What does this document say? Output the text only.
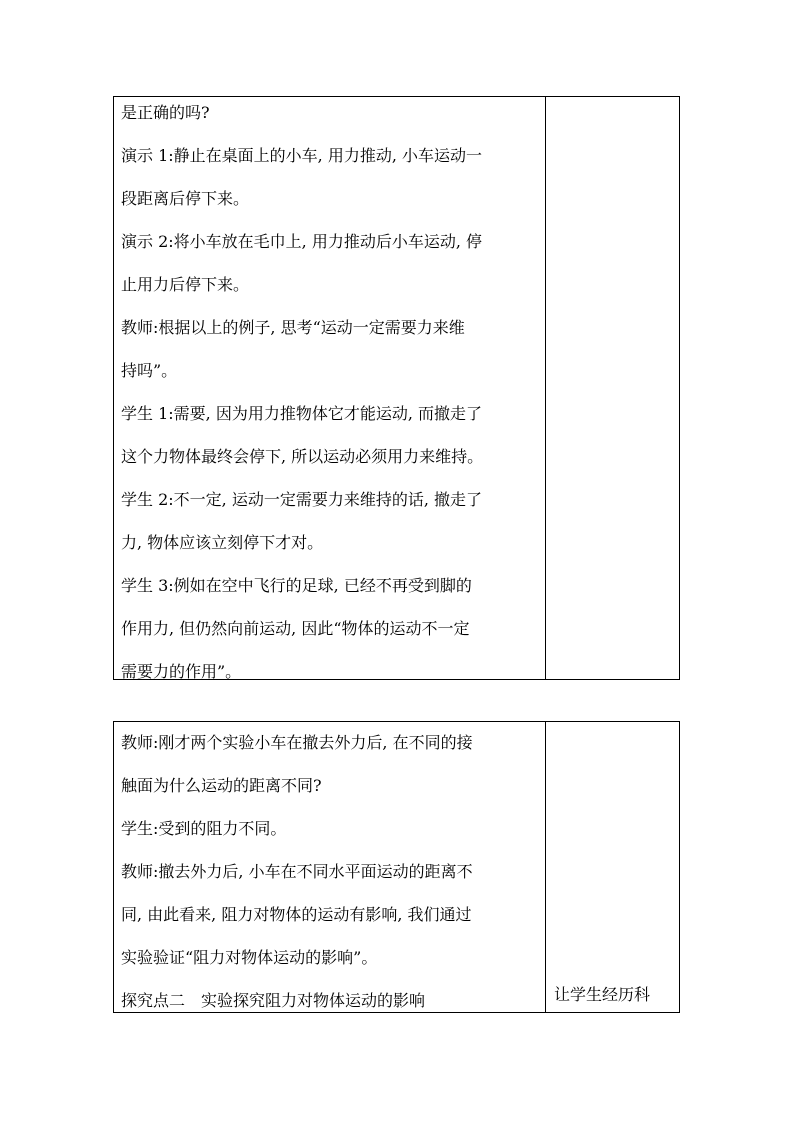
是正确的吗?
演示 1:静止在桌面上的小车, 用力推动, 小车运动一
段距离后停下来。
演示 2:将小车放在毛巾上, 用力推动后小车运动, 停
止用力后停下来。
教师:根据以上的例子, 思考“运动一定需要力来维
持吗”。
学生 1:需要, 因为用力推物体它才能运动, 而撤走了
这个力物体最终会停下, 所以运动必须用力来维持。
学生 2:不一定, 运动一定需要力来维持的话, 撤走了
力, 物体应该立刻停下才对。
学生 3:例如在空中飞行的足球, 已经不再受到脚的
作用力, 但仍然向前运动, 因此“物体的运动不一定
需要力的作用”。
教师:刚才两个实验小车在撤去外力后, 在不同的接
触面为什么运动的距离不同?
学生:受到的阻力不同。
教师:撤去外力后, 小车在不同水平面运动的距离不
同, 由此看来, 阻力对物体的运动有影响, 我们通过
实验验证“阻力对物体运动的影响”。
探究点二　实验探究阻力对物体运动的影响	让学生经历科
